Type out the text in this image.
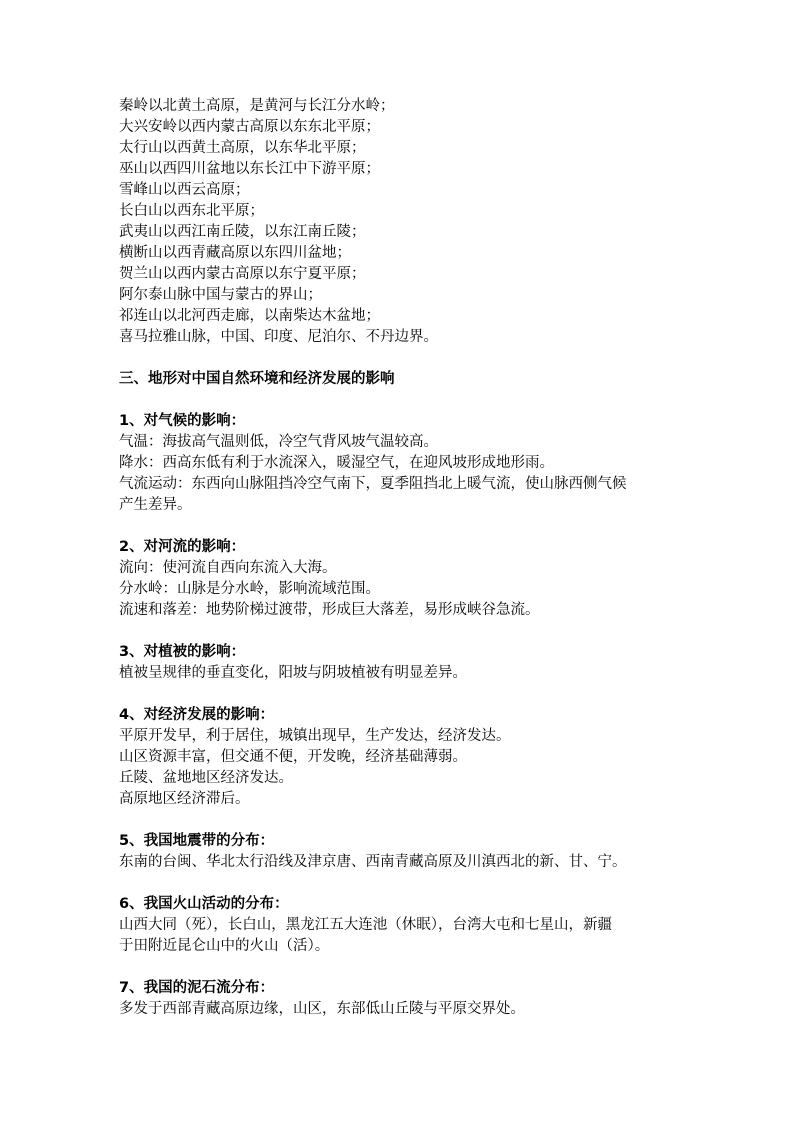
秦岭以北黄土高原，是黄河与长江分水岭；
大兴安岭以西内蒙古高原以东东北平原；
太行山以西黄土高原，以东华北平原；
巫山以西四川盆地以东长江中下游平原；
雪峰山以西云高原；
长白山以西东北平原；
武夷山以西江南丘陵，以东江南丘陵；
横断山以西青藏高原以东四川盆地；
贺兰山以西内蒙古高原以东宁夏平原；
阿尔泰山脉中国与蒙古的界山；
祁连山以北河西走廊，以南柴达木盆地；
喜马拉雅山脉，中国、印度、尼泊尔、不丹边界。
三、地形对中国自然环境和经济发展的影响
1、对气候的影响：
气温：海拔高气温则低，冷空气背风坡气温较高。
降水：西高东低有利于水流深入，暖湿空气，在迎风坡形成地形雨。
气流运动：东西向山脉阻挡冷空气南下，夏季阻挡北上暖气流，使山脉西侧气候
产生差异。
2、对河流的影响：
流向：使河流自西向东流入大海。
分水岭：山脉是分水岭，影响流域范围。
流速和落差：地势阶梯过渡带，形成巨大落差，易形成峡谷急流。
3、对植被的影响：
植被呈规律的垂直变化，阳坡与阴坡植被有明显差异。
4、对经济发展的影响：
平原开发早，利于居住，城镇出现早，生产发达，经济发达。
山区资源丰富，但交通不便，开发晚，经济基础薄弱。
丘陵、盆地地区经济发达。
高原地区经济滞后。
5、我国地震带的分布：
东南的台闽、华北太行沿线及津京唐、西南青藏高原及川滇西北的新、甘、宁。
6、我国火山活动的分布：
山西大同（死），长白山，黑龙江五大连池（休眠），台湾大屯和七星山，新疆
于田附近昆仑山中的火山（活）。
7、我国的泥石流分布：
多发于西部青藏高原边缘，山区，东部低山丘陵与平原交界处。
